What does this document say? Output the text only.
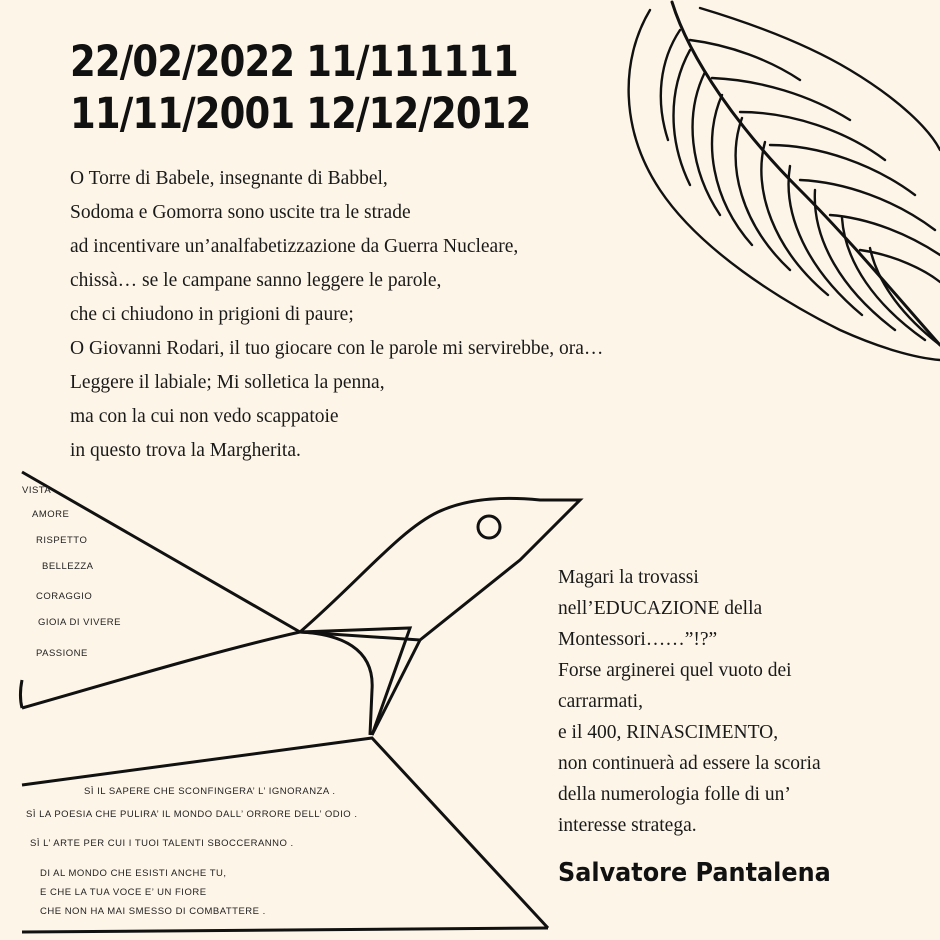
22/02/2022 11/111111
11/11/2001 12/12/2012
O Torre di Babele, insegnante di Babbel,
Sodoma e Gomorra sono uscite tra le strade
ad incentivare un’analfabetizzazione da Guerra Nucleare,
chissà… se le campane sanno leggere le parole,
che ci chiudono in prigioni di paure;
O Giovanni Rodari, il tuo giocare con le parole mi servirebbe, ora…
Leggere il labiale; Mi solletica la penna,
ma con la cui non vedo scappatoie
in questo trova la Margherita.
VISTA
AMORE
RISPETTO
BELLEZZA
CORAGGIO
GIOIA DI VIVERE
PASSIONE
SÌ IL SAPERE CHE SCONFINGERA’ L’ IGNORANZA .
SÌ LA POESIA CHE PULIRA’ IL MONDO DALL’ ORRORE DELL’ ODIO .
SÌ L’ ARTE PER CUI I TUOI TALENTI SBOCCERANNO .
DI AL MONDO CHE ESISTI ANCHE TU,
E CHE LA TUA VOCE E’ UN FIORE
CHE NON HA MAI SMESSO DI COMBATTERE .
Magari la trovassi
nell’EDUCAZIONE della
Montessori……”!?”
Forse arginerei quel vuoto dei
carrarmati,
e il 400, RINASCIMENTO,
non continuerà ad essere la scoria
della numerologia folle di un’
interesse stratega.
Salvatore Pantalena
